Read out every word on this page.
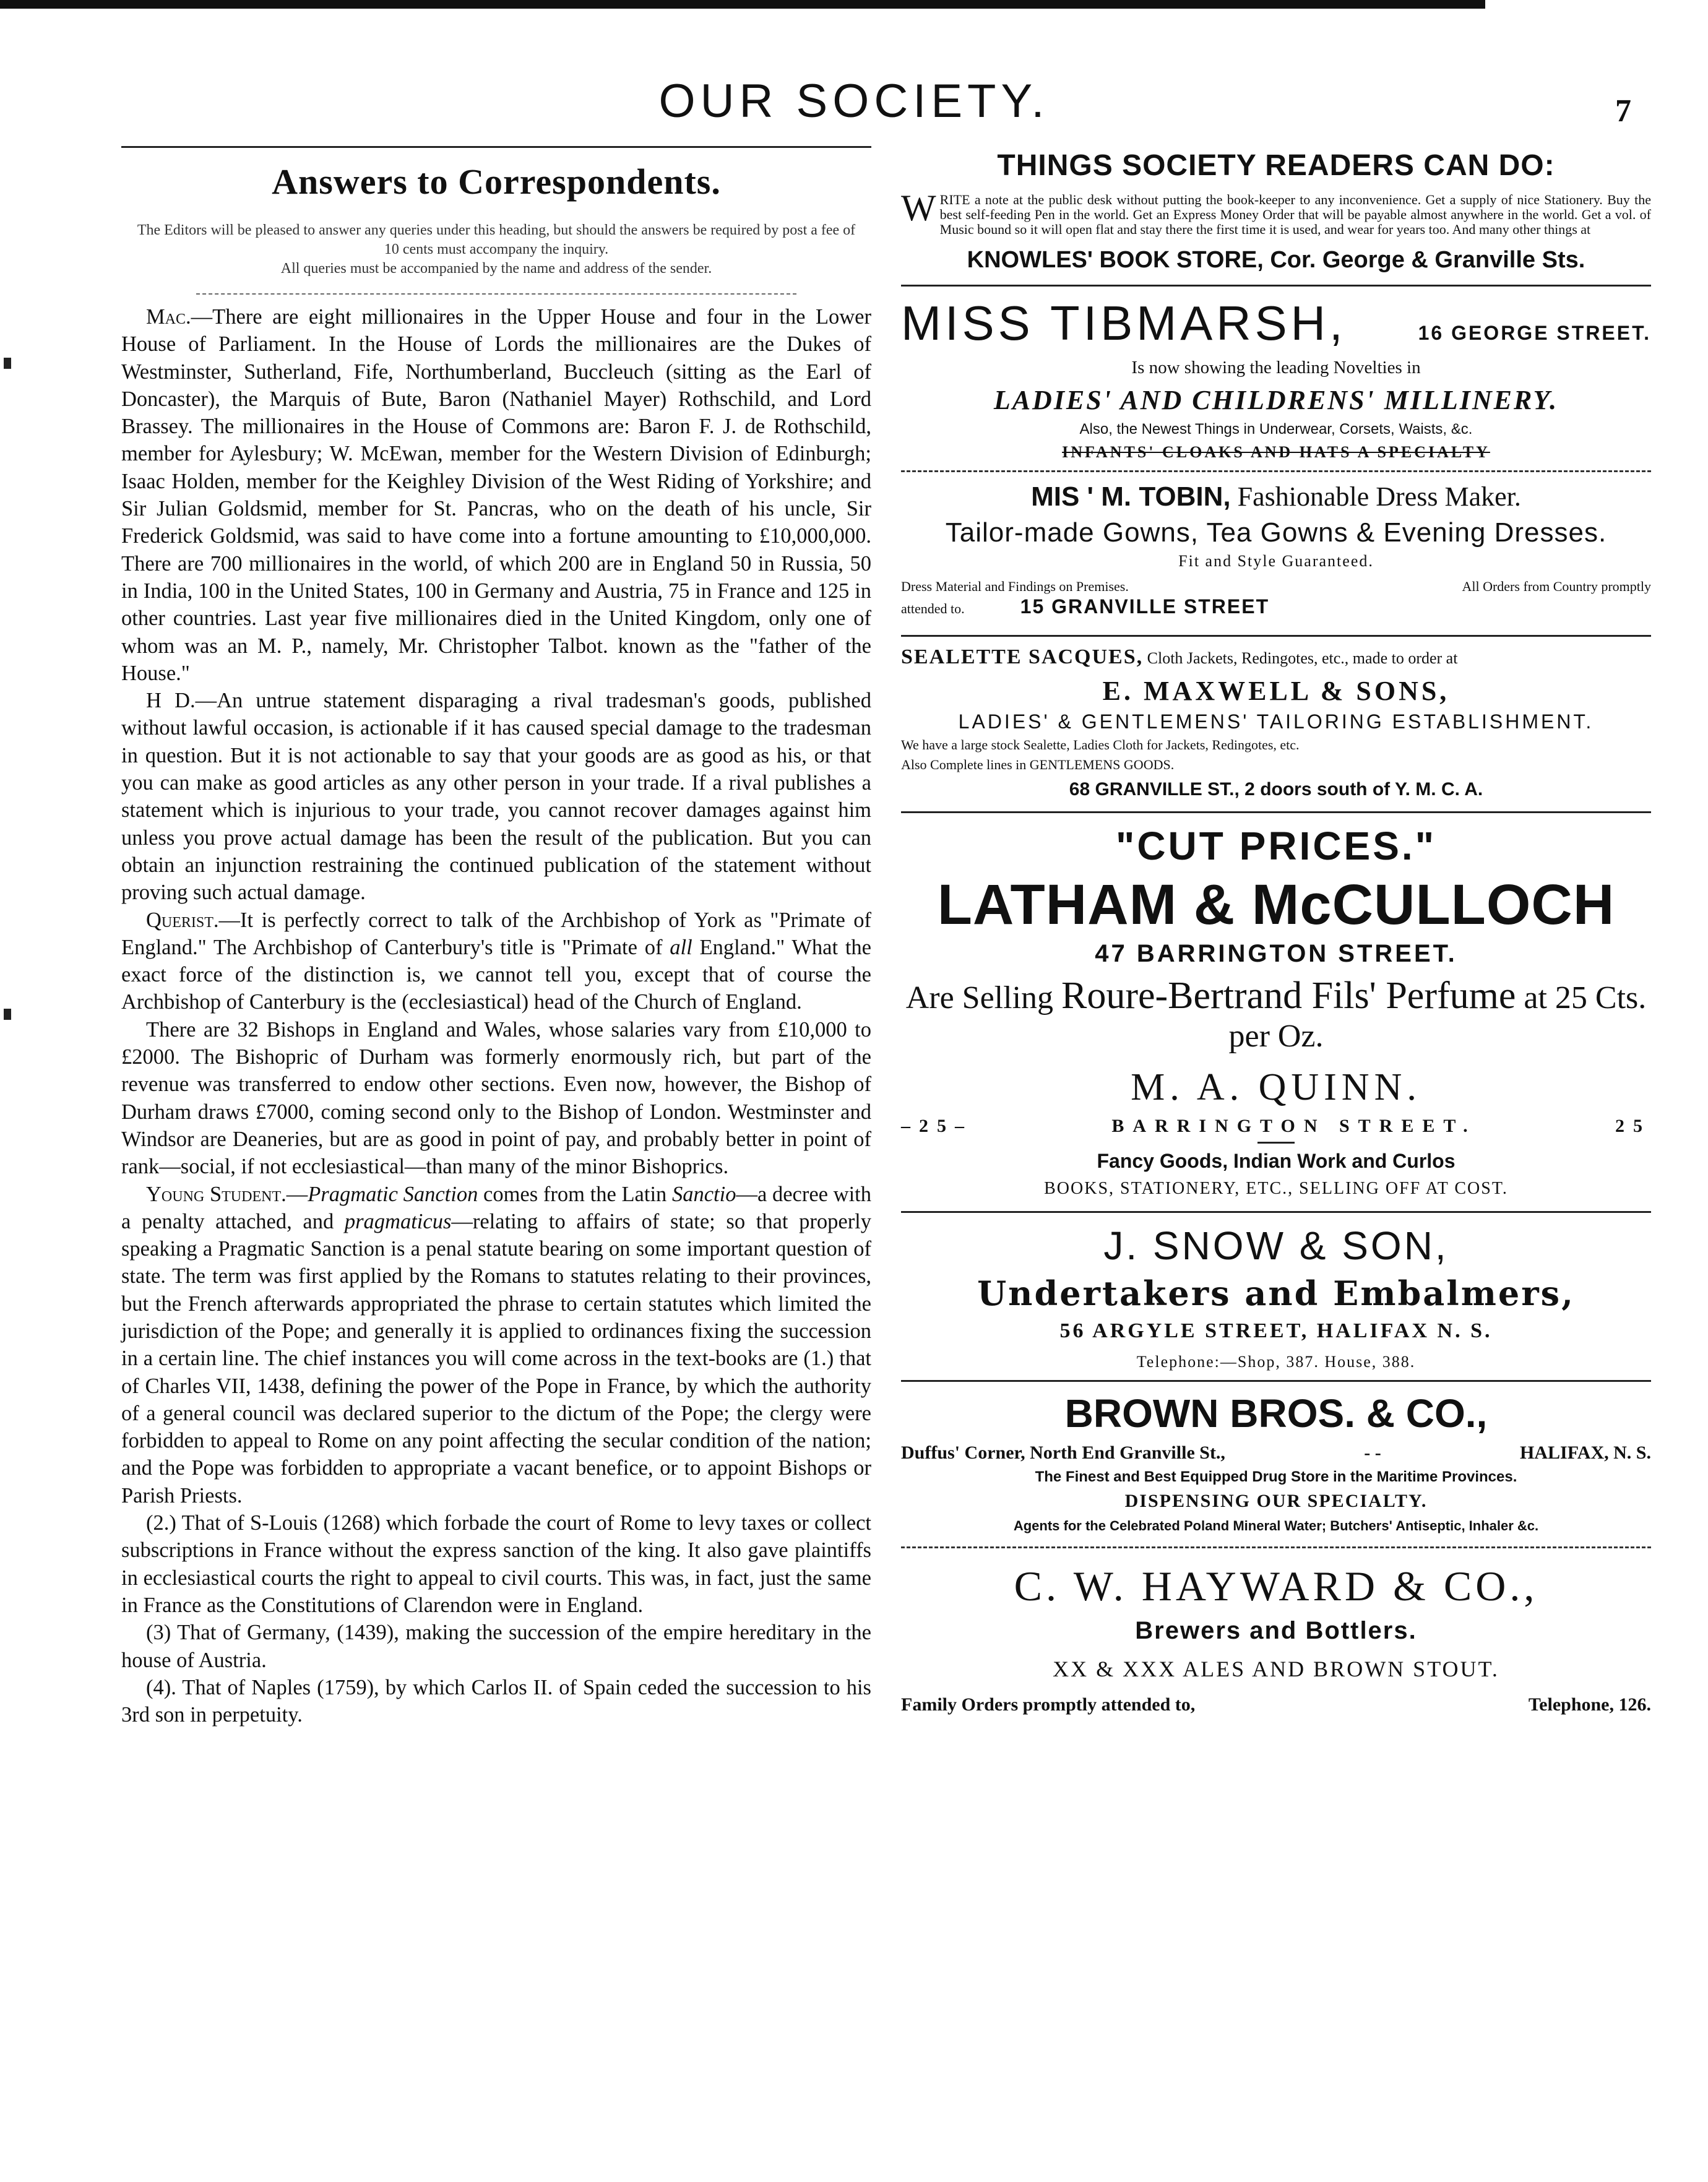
OUR SOCIETY.	7
Answers to Correspondents.

The Editors will be pleased to answer any queries under this heading, but should the answers be required by post a fee of 10 cents must accompany the inquiry.

All queries must be accompanied by the name and address of the sender.

Mac.—There are eight millionaires in the Upper House and four in the Lower House of Parliament. In the House of Lords the millionaires are the Dukes of Westminster, Sutherland, Fife, Northumberland, Buccleuch (sitting as the Earl of Doncaster), the Marquis of Bute, Baron (Nathaniel Mayer) Rothschild, and Lord Brassey. The millionaires in the House of Commons are: Baron F. J. de Rothschild, member for Aylesbury; W. McEwan, member for the Western Division of Edinburgh; Isaac Holden, member for the Keighley Division of the West Riding of Yorkshire; and Sir Julian Goldsmid, member for St. Pancras, who on the death of his uncle, Sir Frederick Goldsmid, was said to have come into a fortune amounting to £10,000,000. There are 700 millionaires in the world, of which 200 are in England 50 in Russia, 50 in India, 100 in the United States, 100 in Germany and Austria, 75 in France and 125 in other countries. Last year five millionaires died in the United Kingdom, only one of whom was an M. P., namely, Mr. Christopher Talbot. known as the "father of the House."

H D.—An untrue statement disparaging a rival tradesman's goods, published without lawful occasion, is actionable if it has caused special damage to the tradesman in question. But it is not actionable to say that your goods are as good as his, or that you can make as good articles as any other person in your trade. If a rival publishes a statement which is injurious to your trade, you cannot recover damages against him unless you prove actual damage has been the result of the publication. But you can obtain an injunction restraining the continued publication of the statement without proving such actual damage.

Querist.—It is perfectly correct to talk of the Archbishop of York as "Primate of England." The Archbishop of Canterbury's title is "Primate of all England." What the exact force of the distinction is, we cannot tell you, except that of course the Archbishop of Canterbury is the (ecclesiastical) head of the Church of England.

There are 32 Bishops in England and Wales, whose salaries vary from £10,000 to £2000. The Bishopric of Durham was formerly enormously rich, but part of the revenue was transferred to endow other sections. Even now, however, the Bishop of Durham draws £7000, coming second only to the Bishop of London. Westminster and Windsor are Deaneries, but are as good in point of pay, and probably better in point of rank—social, if not ecclesiastical—than many of the minor Bishoprics.

Young Student.—Pragmatic Sanction comes from the Latin Sanctio—a decree with a penalty attached, and pragmaticus—relating to affairs of state; so that properly speaking a Pragmatic Sanction is a penal statute bearing on some important question of state. The term was first applied by the Romans to statutes relating to their provinces, but the French afterwards appropriated the phrase to certain statutes which limited the jurisdiction of the Pope; and generally it is applied to ordinances fixing the succession in a certain line. The chief instances you will come across in the text-books are (1.) that of Charles VII, 1438, defining the power of the Pope in France, by which the authority of a general council was declared superior to the dictum of the Pope; the clergy were forbidden to appeal to Rome on any point affecting the secular condition of the nation; and the Pope was forbidden to appropriate a vacant benefice, or to appoint Bishops or Parish Priests.

(2.) That of S-Louis (1268) which forbade the court of Rome to levy taxes or collect subscriptions in France without the express sanction of the king. It also gave plaintiffs in ecclesiastical courts the right to appeal to civil courts. This was, in fact, just the same in France as the Constitutions of Clarendon were in England.

(3) That of Germany, (1439), making the succession of the empire hereditary in the house of Austria.

(4). That of Naples (1759), by which Carlos II. of Spain ceded the succession to his 3rd son in perpetuity.

THINGS SOCIETY READERS CAN DO:
WRITE a note at the public desk without putting the book-keeper to any inconvenience. Get a supply of nice Stationery. Buy the best self-feeding Pen in the world. Get an Express Money Order that will be payable almost anywhere in the world. Get a vol. of Music bound so it will open flat and stay there the first time it is used, and wear for years too. And many other things at
KNOWLES' BOOK STORE, Cor. George & Granville Sts.
MISS TIBMARSH,	16 GEORGE STREET.
Is now showing the leading Novelties in
LADIES' AND CHILDRENS' MILLINERY.
Also, the Newest Things in Underwear, Corsets, Waists, &c.
INFANTS' CLOAKS AND HATS A SPECIALTY
MIS ' M. TOBIN, Fashionable Dress Maker.
Tailor-made Gowns, Tea Gowns & Evening Dresses.
Fit and Style Guaranteed.
Dress Material and Findings on Premises.	All Orders from Country promptly
attended to.	15 GRANVILLE STREET
SEALETTE SACQUES, Cloth Jackets, Redingotes, etc., made to order at
E. MAXWELL & SONS,
LADIES' & GENTLEMENS' TAILORING ESTABLISHMENT.
We have a large stock Sealette, Ladies Cloth for Jackets, Redingotes, etc.
Also Complete lines in GENTLEMENS GOODS.
68 GRANVILLE ST., 2 doors south of Y. M. C. A.
"CUT PRICES."
LATHAM & McCULLOCH
47 BARRINGTON STREET.
Are Selling Roure-Bertrand Fils' Perfume at 25 Cts. per Oz.
M. A. QUINN.
–25–	BARRINGTON STREET.	25
Fancy Goods, Indian Work and Curlos
BOOKS, STATIONERY, ETC., SELLING OFF AT COST.
J. SNOW & SON,
Undertakers and Embalmers,
56 ARGYLE STREET, HALIFAX N. S.
Telephone:—Shop, 387. House, 388.
BROWN BROS. & CO.,
Duffus' Corner, North End Granville St.,	- -	HALIFAX, N. S.
The Finest and Best Equipped Drug Store in the Maritime Provinces.
DISPENSING OUR SPECIALTY.
Agents for the Celebrated Poland Mineral Water; Butchers' Antiseptic, Inhaler &c.
C. W. HAYWARD & CO.,
Brewers and Bottlers.
XX & XXX ALES AND BROWN STOUT.
Family Orders promptly attended to,	Telephone, 126.
